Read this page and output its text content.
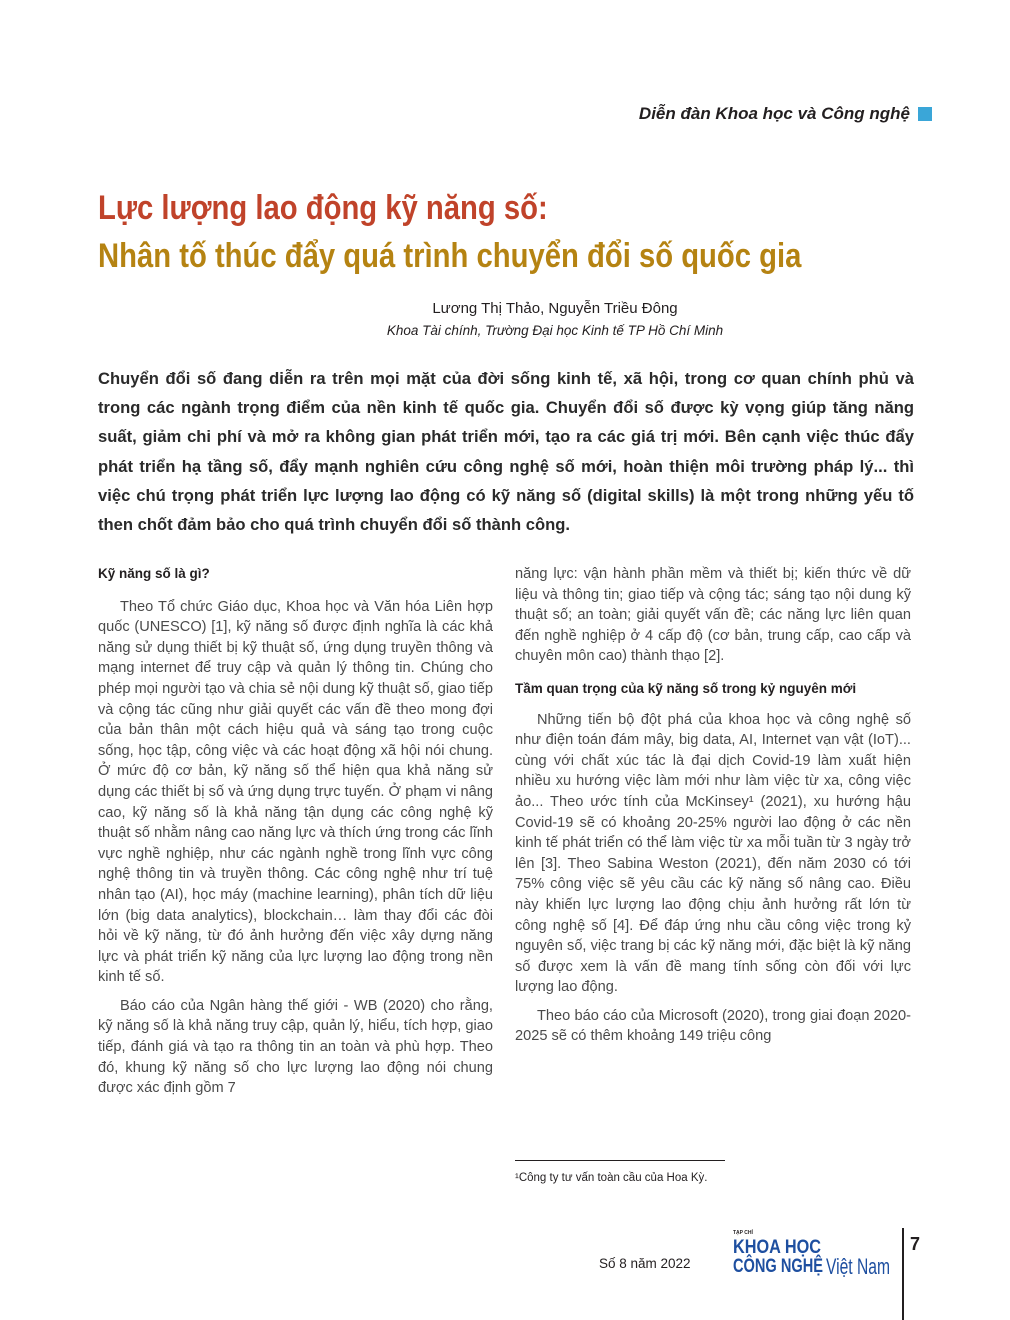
Diễn đàn Khoa học và Công nghệ
Lực lượng lao động kỹ năng số:
Nhân tố thúc đẩy quá trình chuyển đổi số quốc gia
Lương Thị Thảo, Nguyễn Triều Đông
Khoa Tài chính, Trường Đại học Kinh tế TP Hồ Chí Minh
Chuyển đổi số đang diễn ra trên mọi mặt của đời sống kinh tế, xã hội, trong cơ quan chính phủ và trong các ngành trọng điểm của nền kinh tế quốc gia. Chuyển đổi số được kỳ vọng giúp tăng năng suất, giảm chi phí và mở ra không gian phát triển mới, tạo ra các giá trị mới. Bên cạnh việc thúc đẩy phát triển hạ tầng số, đẩy mạnh nghiên cứu công nghệ số mới, hoàn thiện môi trường pháp lý... thì việc chú trọng phát triển lực lượng lao động có kỹ năng số (digital skills) là một trong những yếu tố then chốt đảm bảo cho quá trình chuyển đổi số thành công.
Kỹ năng số là gì?

Theo Tổ chức Giáo dục, Khoa học và Văn hóa Liên hợp quốc (UNESCO) [1], kỹ năng số được định nghĩa là các khả năng sử dụng thiết bị kỹ thuật số, ứng dụng truyền thông và mạng internet để truy cập và quản lý thông tin. Chúng cho phép mọi người tạo và chia sẻ nội dung kỹ thuật số, giao tiếp và cộng tác cũng như giải quyết các vấn đề theo mong đợi của bản thân một cách hiệu quả và sáng tạo trong cuộc sống, học tập, công việc và các hoạt động xã hội nói chung. Ở mức độ cơ bản, kỹ năng số thể hiện qua khả năng sử dụng các thiết bị số và ứng dụng trực tuyến. Ở phạm vi nâng cao, kỹ năng số là khả năng tận dụng các công nghệ kỹ thuật số nhằm nâng cao năng lực và thích ứng trong các lĩnh vực nghề nghiệp, như các ngành nghề trong lĩnh vực công nghệ thông tin và truyền thông. Các công nghệ như trí tuệ nhân tạo (AI), học máy (machine learning), phân tích dữ liệu lớn (big data analytics), blockchain… làm thay đổi các đòi hỏi về kỹ năng, từ đó ảnh hưởng đến việc xây dựng năng lực và phát triển kỹ năng của lực lượng lao động trong nền kinh tế số.

Báo cáo của Ngân hàng thế giới - WB (2020) cho rằng, kỹ năng số là khả năng truy cập, quản lý, hiểu, tích hợp, giao tiếp, đánh giá và tạo ra thông tin an toàn và phù hợp. Theo đó, khung kỹ năng số cho lực lượng lao động nói chung được xác định gồm 7

năng lực: vận hành phần mềm và thiết bị; kiến thức về dữ liệu và thông tin; giao tiếp và cộng tác; sáng tạo nội dung kỹ thuật số; an toàn; giải quyết vấn đề; các năng lực liên quan đến nghề nghiệp ở 4 cấp độ (cơ bản, trung cấp, cao cấp và chuyên môn cao) thành thạo [2].

Tầm quan trọng của kỹ năng số trong kỷ nguyên mới

Những tiến bộ đột phá của khoa học và công nghệ số như điện toán đám mây, big data, AI, Internet vạn vật (IoT)... cùng với chất xúc tác là đại dịch Covid-19 làm xuất hiện nhiều xu hướng việc làm mới như làm việc từ xa, công việc ảo... Theo ước tính của McKinsey¹ (2021), xu hướng hậu Covid-19 sẽ có khoảng 20-25% người lao động ở các nền kinh tế phát triển có thể làm việc từ xa mỗi tuần từ 3 ngày trở lên [3]. Theo Sabina Weston (2021), đến năm 2030 có tới 75% công việc sẽ yêu cầu các kỹ năng số nâng cao. Điều này khiến lực lượng lao động chịu ảnh hưởng rất lớn từ công nghệ số [4]. Để đáp ứng nhu cầu công việc trong kỷ nguyên số, việc trang bị các kỹ năng mới, đặc biệt là kỹ năng số được xem là vấn đề mang tính sống còn đối với lực lượng lao động.

Theo báo cáo của Microsoft (2020), trong giai đoạn 2020-2025 sẽ có thêm khoảng 149 triệu công

¹Công ty tư vấn toàn cầu của Hoa Kỳ.
Số 8 năm 2022
TẠP CHÍ
KHOA HỌC
CÔNG NGHỆ
Việt Nam
7
